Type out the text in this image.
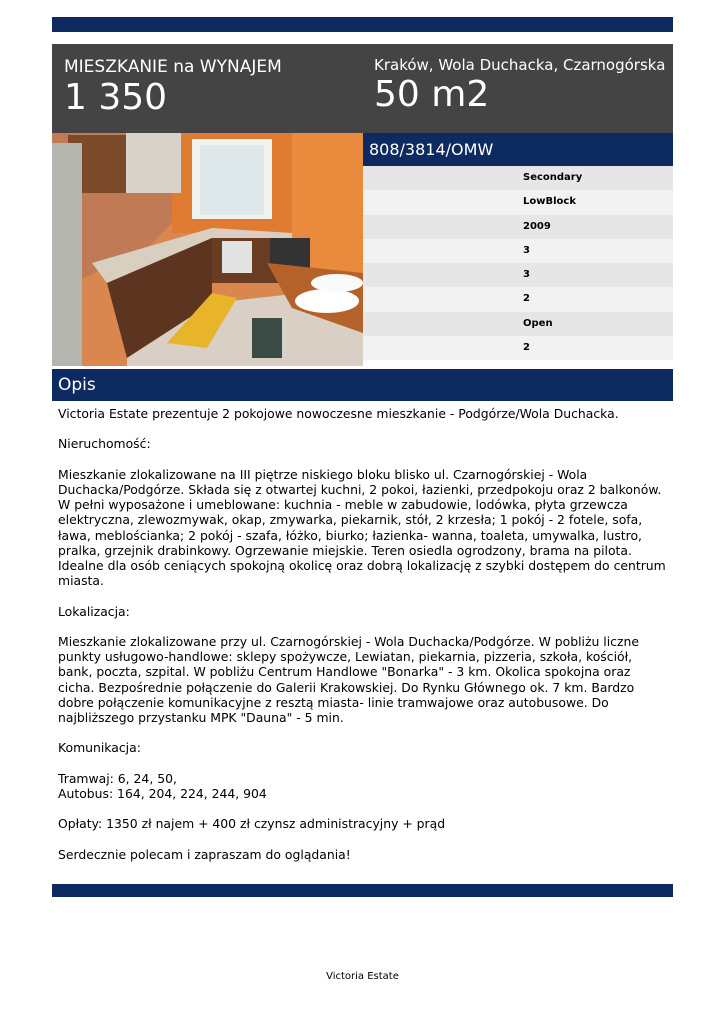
MIESZKANIE na WYNAJEM
1 350
Kraków, Wola Duchacka, Czarnogórska
50 m2
808/3814/OMW
Secondary
LowBlock
2009
3
3
2
Open
2
Opis
Victoria Estate prezentuje 2 pokojowe nowoczesne mieszkanie - Podgórze/Wola Duchacka.

Nieruchomość:

Mieszkanie zlokalizowane na III piętrze niskiego bloku blisko ul. Czarnogórskiej - Wola Duchacka/Podgórze. Składa się z otwartej kuchni, 2 pokoi, łazienki, przedpokoju oraz 2 balkonów. W pełni wyposażone i umeblowane: kuchnia - meble w zabudowie, lodówka, płyta grzewcza elektryczna, zlewozmywak, okap, zmywarka, piekarnik, stół, 2 krzesła; 1 pokój - 2 fotele, sofa, ława, meblościanka; 2 pokój - szafa, łóżko, biurko; łazienka- wanna, toaleta, umywalka, lustro, pralka, grzejnik drabinkowy. Ogrzewanie miejskie. Teren osiedla ogrodzony, brama na pilota. Idealne dla osób ceniących spokojną okolicę oraz dobrą lokalizację z szybki dostępem do centrum miasta.

Lokalizacja:

Mieszkanie zlokalizowane przy ul. Czarnogórskiej - Wola Duchacka/Podgórze. W pobliżu liczne punkty usługowo-handlowe: sklepy spożywcze, Lewiatan, piekarnia, pizzeria, szkoła, kościół, bank, poczta, szpital. W pobliżu Centrum Handlowe "Bonarka" - 3 km. Okolica spokojna oraz cicha. Bezpośrednie połączenie do Galerii Krakowskiej. Do Rynku Głównego ok. 7 km. Bardzo dobre połączenie komunikacyjne z resztą miasta- linie tramwajowe oraz autobusowe. Do najbliższego przystanku MPK "Dauna" - 5 min.

Komunikacja:

Tramwaj: 6, 24, 50,
Autobus: 164, 204, 224, 244, 904

Opłaty: 1350 zł najem + 400 zł czynsz administracyjny + prąd

Serdecznie polecam i zapraszam do oglądania!
Victoria Estate
